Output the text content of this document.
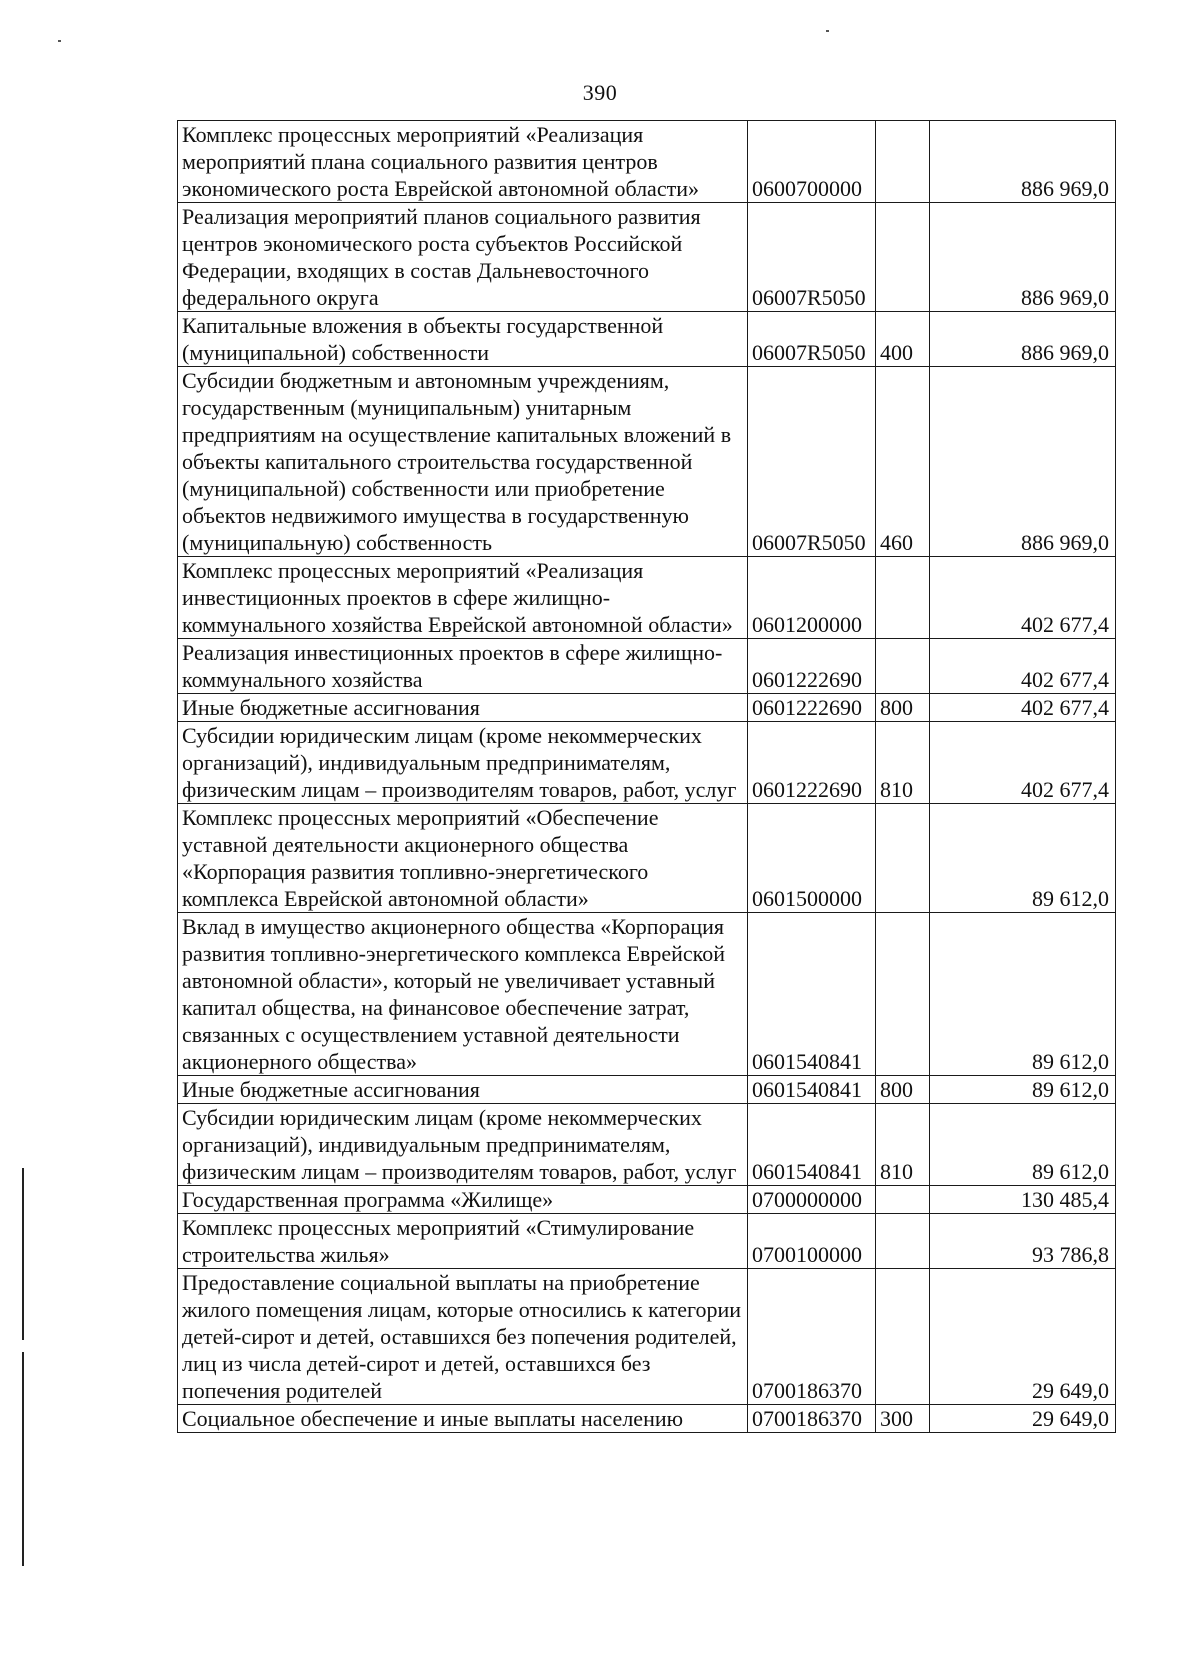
390
Комплекс процессных мероприятий «Реализация мероприятий плана социального развития центров экономического роста Еврейской автономной области»	0600700000		886 969,0
Реализация мероприятий планов социального развития центров экономического роста субъектов Российской Федерации, входящих в состав Дальневосточного федерального округа	06007R5050		886 969,0
Капитальные вложения в объекты государственной (муниципальной) собственности	06007R5050	400	886 969,0
Субсидии бюджетным и автономным учреждениям, государственным (муниципальным) унитарным предприятиям на осуществление капитальных вложений в объекты капитального строительства государственной (муниципальной) собственности или приобретение объектов недвижимого имущества в государственную (муниципальную) собственность	06007R5050	460	886 969,0
Комплекс процессных мероприятий «Реализация инвестиционных проектов в сфере жилищно-коммунального хозяйства Еврейской автономной области»	0601200000		402 677,4
Реализация инвестиционных проектов в сфере жилищно-коммунального хозяйства	0601222690		402 677,4
Иные бюджетные ассигнования	0601222690	800	402 677,4
Субсидии юридическим лицам (кроме некоммерческих организаций), индивидуальным предпринимателям, физическим лицам – производителям товаров, работ, услуг	0601222690	810	402 677,4
Комплекс процессных мероприятий «Обеспечение уставной деятельности акционерного общества «Корпорация развития топливно-энергетического комплекса Еврейской автономной области»	0601500000		89 612,0
Вклад в имущество акционерного общества «Корпорация развития топливно-энергетического комплекса Еврейской автономной области», который не увеличивает уставный капитал общества, на финансовое обеспечение затрат, связанных с осуществлением уставной деятельности акционерного общества»	0601540841		89 612,0
Иные бюджетные ассигнования	0601540841	800	89 612,0
Субсидии юридическим лицам (кроме некоммерческих организаций), индивидуальным предпринимателям, физическим лицам – производителям товаров, работ, услуг	0601540841	810	89 612,0
Государственная программа «Жилище»	0700000000		130 485,4
Комплекс процессных мероприятий «Стимулирование строительства жилья»	0700100000		93 786,8
Предоставление социальной выплаты на приобретение жилого помещения лицам, которые относились к категории детей-сирот и детей, оставшихся без попечения родителей, лиц из числа детей-сирот и детей, оставшихся без попечения родителей	0700186370		29 649,0
Социальное обеспечение и иные выплаты населению	0700186370	300	29 649,0
